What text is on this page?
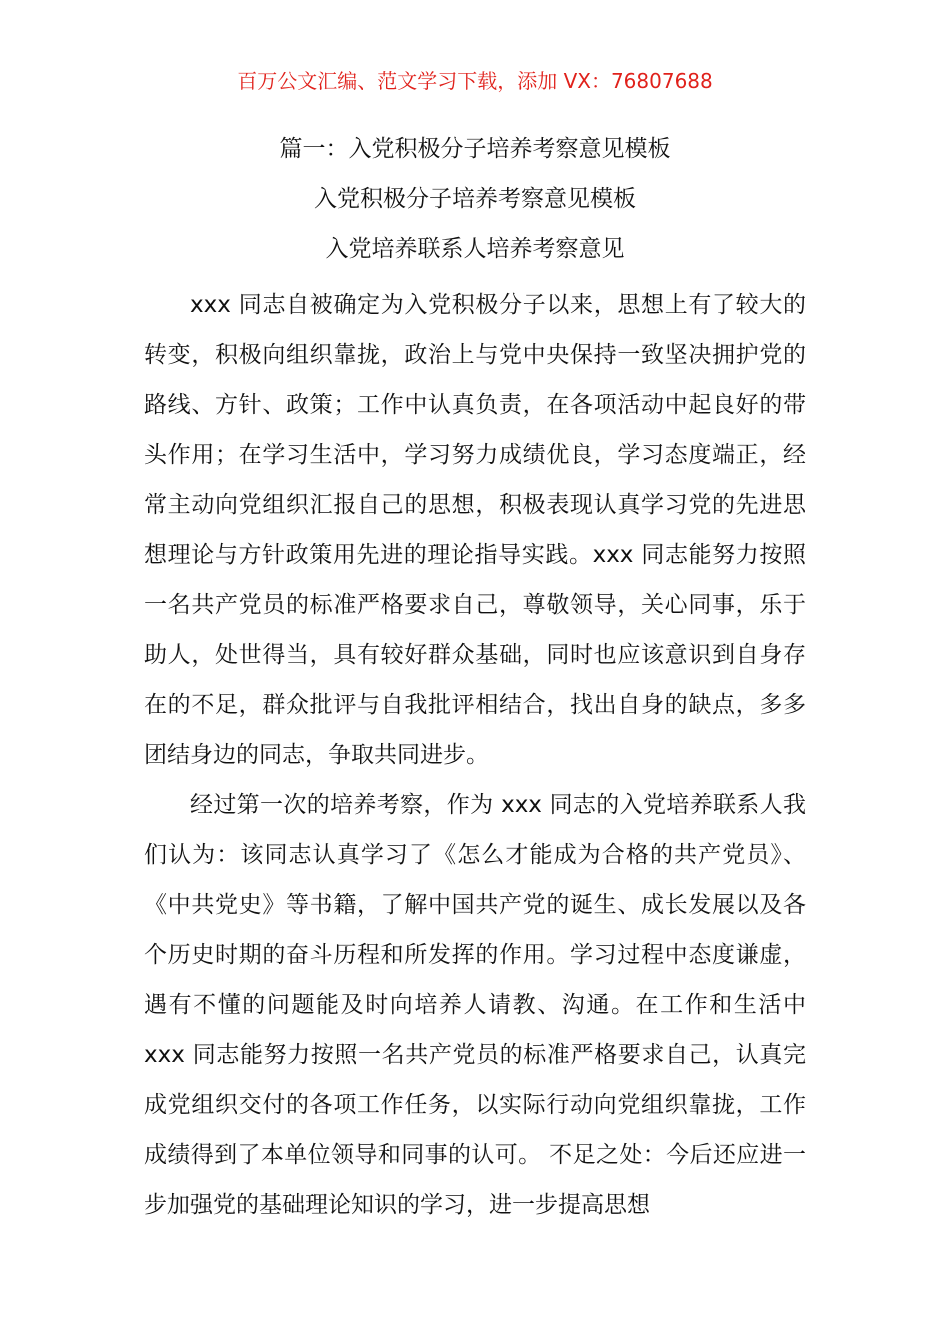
百万公文汇编、范文学习下载，添加 VX：76807688
篇一：入党积极分子培养考察意见模板
入党积极分子培养考察意见模板
入党培养联系人培养考察意见

xxx 同志自被确定为入党积极分子以来，思想上有了较大的转变，积极向组织靠拢，政治上与党中央保持一致坚决拥护党的路线、方针、政策；工作中认真负责，在各项活动中起良好的带头作用；在学习生活中，学习努力成绩优良，学习态度端正，经常主动向党组织汇报自己的思想，积极表现认真学习党的先进思想理论与方针政策用先进的理论指导实践。xxx 同志能努力按照一名共产党员的标准严格要求自己，尊敬领导，关心同事，乐于助人，处世得当，具有较好群众基础，同时也应该意识到自身存在的不足，群众批评与自我批评相结合，找出自身的缺点，多多团结身边的同志，争取共同进步。

经过第一次的培养考察，作为 xxx 同志的入党培养联系人我们认为：该同志认真学习了《怎么才能成为合格的共产党员》、《中共党史》等书籍，了解中国共产党的诞生、成长发展以及各个历史时期的奋斗历程和所发挥的作用。学习过程中态度谦虚，遇有不懂的问题能及时向培养人请教、沟通。在工作和生活中 xxx 同志能努力按照一名共产党员的标准严格要求自己，认真完成党组织交付的各项工作任务，以实际行动向党组织靠拢，工作成绩得到了本单位领导和同事的认可。 不足之处：今后还应进一步加强党的基础理论知识的学习，进一步提高思想
